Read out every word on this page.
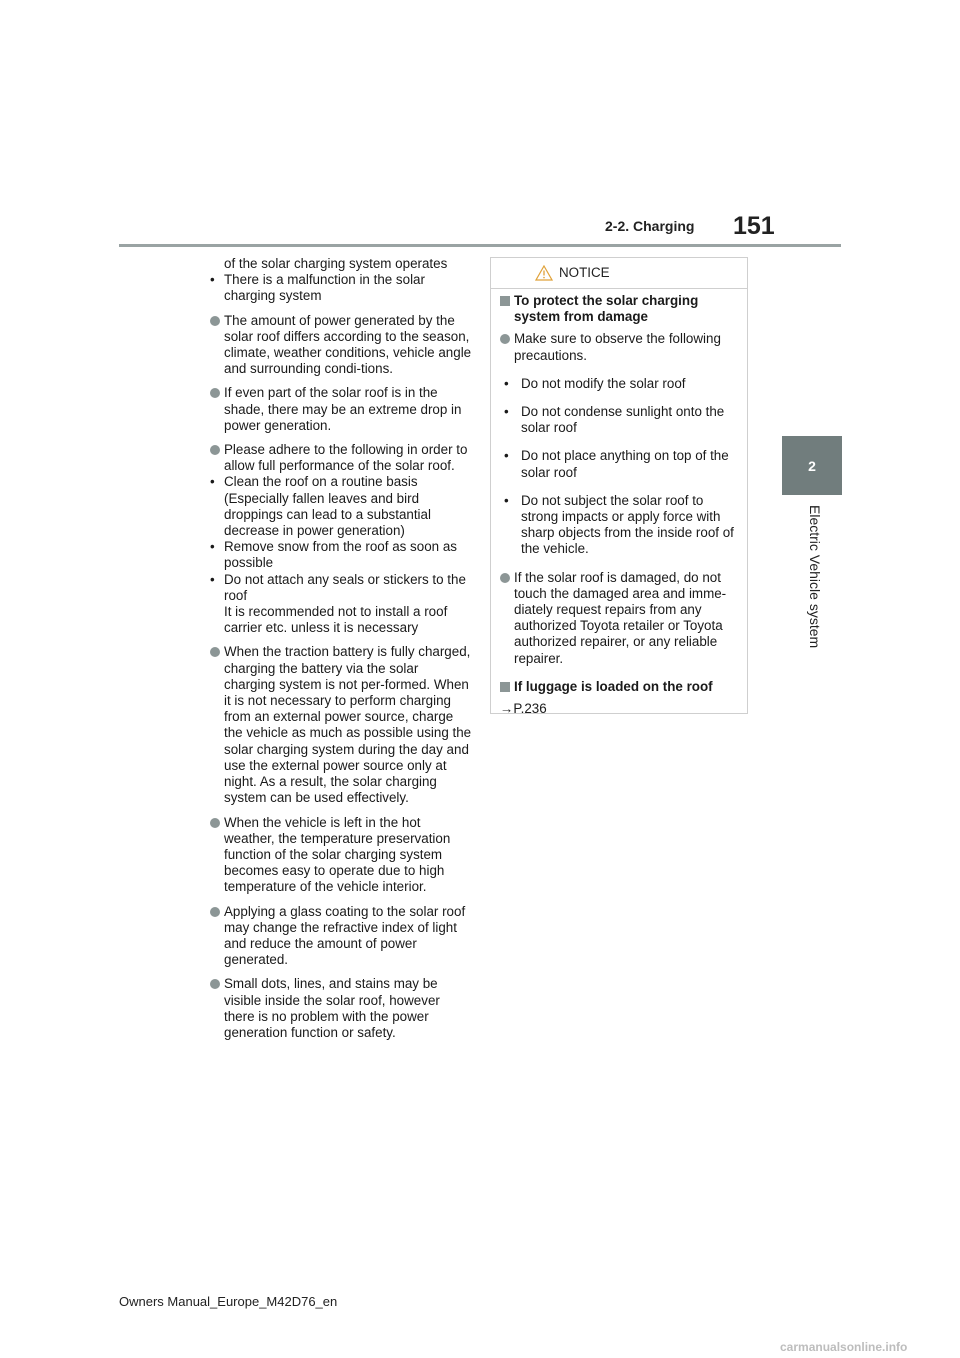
2-2. Charging 151
2
Electric Vehicle system

of the solar charging system operates

• There is a malfunction in the solar charging system

The amount of power generated by the solar roof differs according to the season, climate, weather conditions, vehicle angle and surrounding condi-tions.

If even part of the solar roof is in the shade, there may be an extreme drop in power generation.

Please adhere to the following in order to allow full performance of the solar roof.

• Clean the roof on a routine basis (Especially fallen leaves and bird droppings can lead to a substantial decrease in power generation)

• Remove snow from the roof as soon as possible

• Do not attach any seals or stickers to the roof

It is recommended not to install a roof carrier etc. unless it is necessary

When the traction battery is fully charged, charging the battery via the solar charging system is not per-formed. When it is not necessary to perform charging from an external power source, charge the vehicle as much as possible using the solar charging system during the day and use the external power source only at night. As a result, the solar charging system can be used effectively.

When the vehicle is left in the hot weather, the temperature preservation function of the solar charging system becomes easy to operate due to high temperature of the vehicle interior.

Applying a glass coating to the solar roof may change the refractive index of light and reduce the amount of power generated.

Small dots, lines, and stains may be visible inside the solar roof, however there is no problem with the power generation function or safety.

NOTICE

To protect the solar charging system from damage

Make sure to observe the following precautions.

• Do not modify the solar roof

• Do not condense sunlight onto the solar roof

• Do not place anything on top of the solar roof

• Do not subject the solar roof to strong impacts or apply force with sharp objects from the inside roof of the vehicle.

If the solar roof is damaged, do not touch the damaged area and imme-diately request repairs from any authorized Toyota retailer or Toyota authorized repairer, or any reliable repairer.

If luggage is loaded on the roof

→P.236

Owners Manual_Europe_M42D76_en
carmanualsonline.info
